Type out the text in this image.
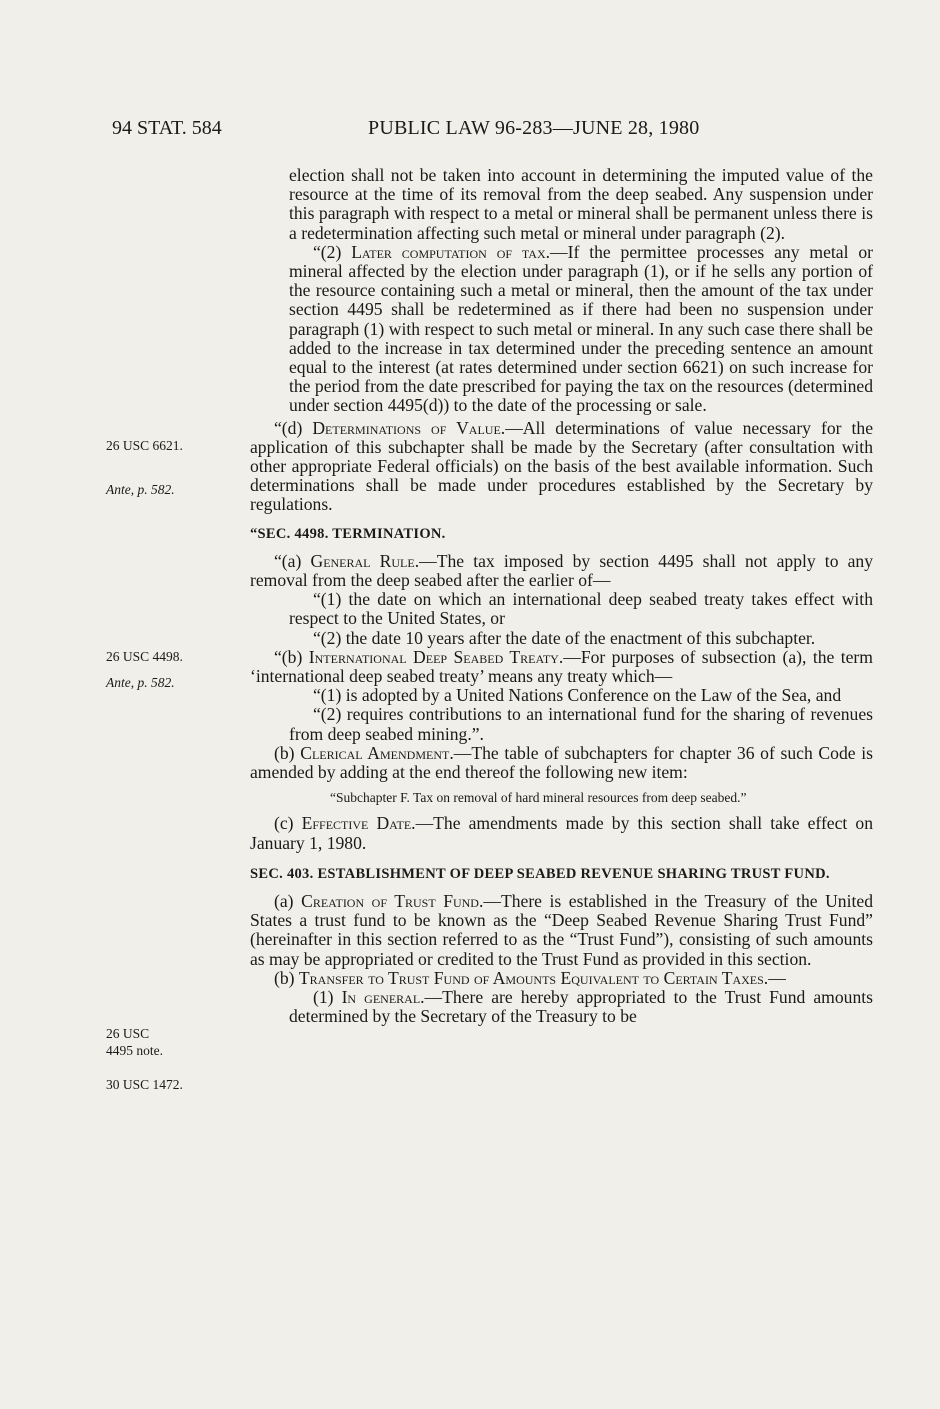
94 STAT. 584	PUBLIC LAW 96-283—JUNE 28, 1980
26 USC 6621.
Ante, p. 582.
26 USC 4498.
Ante, p. 582.
26 USC 4495 note.
30 USC 1472.

election shall not be taken into account in determining the imputed value of the resource at the time of its removal from the deep seabed. Any suspension under this paragraph with respect to a metal or mineral shall be permanent unless there is a redetermination affecting such metal or mineral under paragraph (2).

“(2) Later computation of tax.—If the permittee processes any metal or mineral affected by the election under paragraph (1), or if he sells any portion of the resource containing such a metal or mineral, then the amount of the tax under section 4495 shall be redetermined as if there had been no suspension under paragraph (1) with respect to such metal or mineral. In any such case there shall be added to the increase in tax determined under the preceding sentence an amount equal to the interest (at rates determined under section 6621) on such increase for the period from the date prescribed for paying the tax on the resources (determined under section 4495(d)) to the date of the processing or sale.

“(d) Determinations of Value.—All determinations of value necessary for the application of this subchapter shall be made by the Secretary (after consultation with other appropriate Federal officials) on the basis of the best available information. Such determinations shall be made under procedures established by the Secretary by regulations.

“SEC. 4498. TERMINATION.

“(a) General Rule.—The tax imposed by section 4495 shall not apply to any removal from the deep seabed after the earlier of—

“(1) the date on which an international deep seabed treaty takes effect with respect to the United States, or

“(2) the date 10 years after the date of the enactment of this subchapter.

“(b) International Deep Seabed Treaty.—For purposes of subsection (a), the term ‘international deep seabed treaty’ means any treaty which—

“(1) is adopted by a United Nations Conference on the Law of the Sea, and

“(2) requires contributions to an international fund for the sharing of revenues from deep seabed mining.”.

(b) Clerical Amendment.—The table of subchapters for chapter 36 of such Code is amended by adding at the end thereof the following new item:

“Subchapter F. Tax on removal of hard mineral resources from deep seabed.”

(c) Effective Date.—The amendments made by this section shall take effect on January 1, 1980.

SEC. 403. ESTABLISHMENT OF DEEP SEABED REVENUE SHARING TRUST FUND.

(a) Creation of Trust Fund.—There is established in the Treasury of the United States a trust fund to be known as the “Deep Seabed Revenue Sharing Trust Fund” (hereinafter in this section referred to as the “Trust Fund”), consisting of such amounts as may be appropriated or credited to the Trust Fund as provided in this section.

(b) Transfer to Trust Fund of Amounts Equivalent to Certain Taxes.—

(1) In general.—There are hereby appropriated to the Trust Fund amounts determined by the Secretary of the Treasury to be
